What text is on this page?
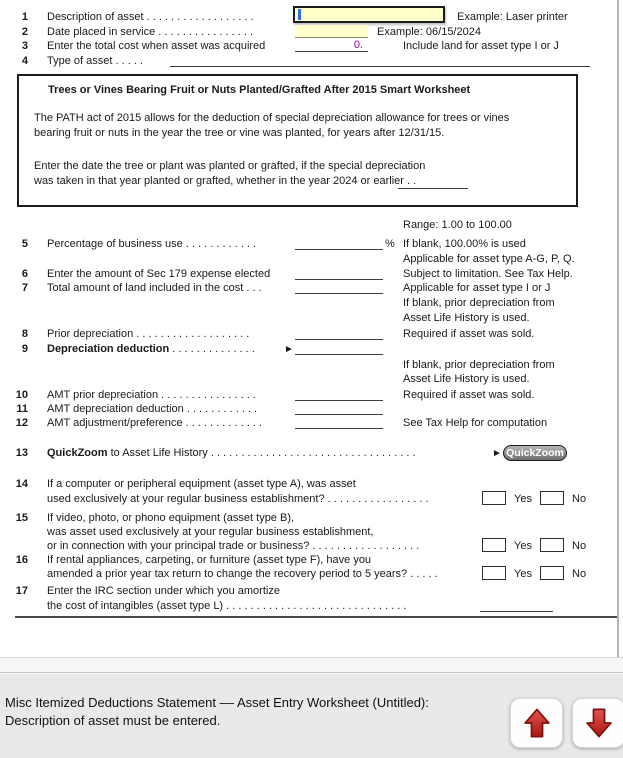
1 Description of asset . . . . . . . . . . . . . . . . . .	Example: Laser printer
2 Date placed in service . . . . . . . . . . . . . . . .	Example: 06/15/2024
3 Enter the total cost when asset was acquired	0.	Include land for asset type I or J
4 Type of asset . . . . .
Trees or Vines Bearing Fruit or Nuts Planted/Grafted After 2015 Smart Worksheet
The PATH act of 2015 allows for the deduction of special depreciation allowance for trees or vines
bearing fruit or nuts in the year the tree or vine was planted, for years after 12/31/15.
Enter the date the tree or plant was planted or grafted, if the special depreciation
was taken in that year planted or grafted, whether in the year 2024 or earlier . .
Range: 1.00 to 100.00
5 Percentage of business use . . . . . . . . . . . .	% If blank, 100.00% is used
Applicable for asset type A-G, P, Q.
6 Enter the amount of Sec 179 expense elected	Subject to limitation. See Tax Help.
7 Total amount of land included in the cost . . .	Applicable for asset type I or J
If blank, prior depreciation from
Asset Life History is used.
8 Prior depreciation . . . . . . . . . . . . . . . . . . .	Required if asset was sold.
9 Depreciation deduction . . . . . . . . . . . . . .	►
If blank, prior depreciation from
Asset Life History is used.
10 AMT prior depreciation . . . . . . . . . . . . . . . .	Required if asset was sold.
11 AMT depreciation deduction . . . . . . . . . . . .
12 AMT adjustment/preference . . . . . . . . . . . . .	See Tax Help for computation
13 QuickZoom to Asset Life History . . . . . . . . . . . . . . . . . . . . . . . . . . . . . . . . . .	► QuickZoom
14 If a computer or peripheral equipment (asset type A), was asset
used exclusively at your regular business establishment? . . . . . . . . . . . . . . . . .	Yes	No
15 If video, photo, or phono equipment (asset type B),
was asset used exclusively at your regular business establishment,
or in connection with your principal trade or business? . . . . . . . . . . . . . . . . . .	Yes	No
16 If rental appliances, carpeting, or furniture (asset type F), have you
amended a prior year tax return to change the recovery period to 5 years? . . . . .	Yes	No
17 Enter the IRC section under which you amortize
the cost of intangibles (asset type L) . . . . . . . . . . . . . . . . . . . . . . . . . . . . . .
Misc Itemized Deductions Statement –– Asset Entry Worksheet (Untitled):
Description of asset must be entered.
